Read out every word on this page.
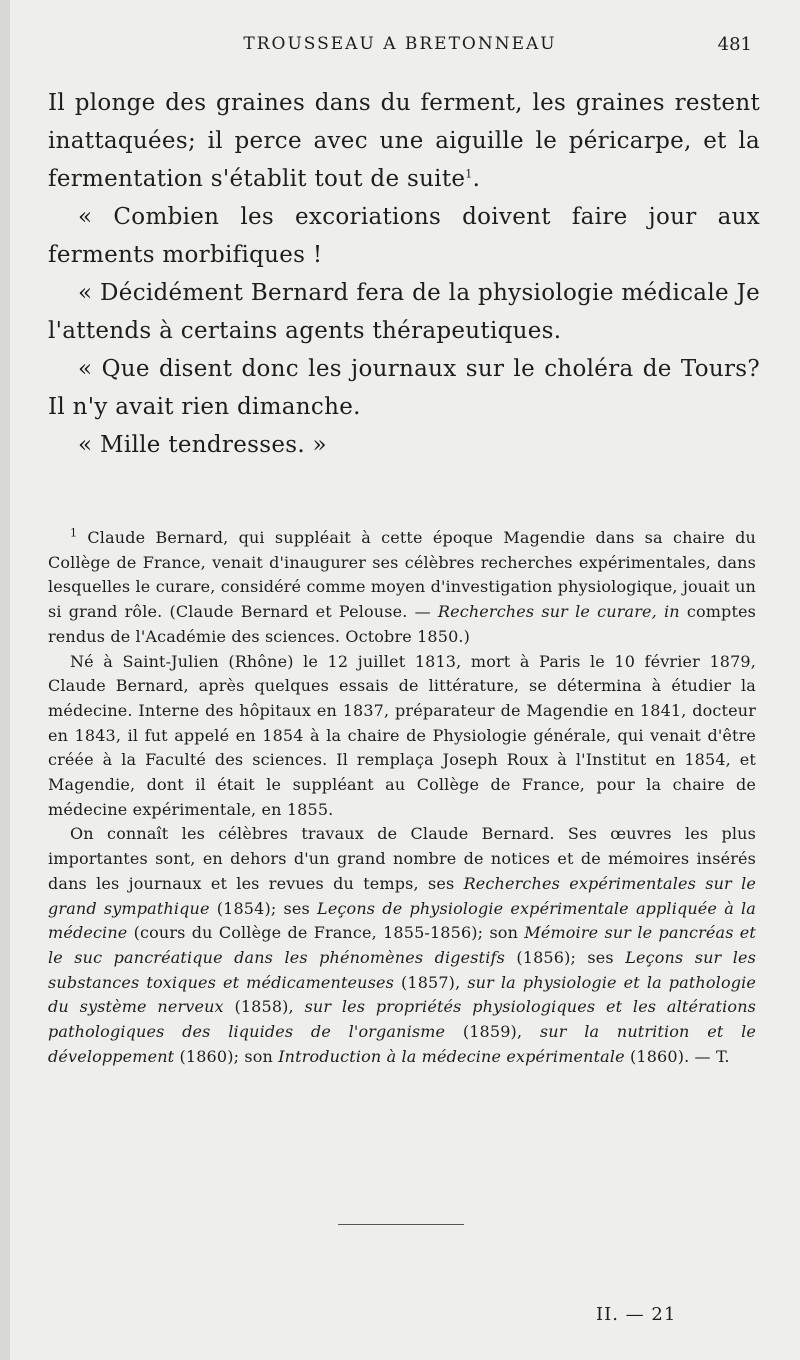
TROUSSEAU A BRETONNEAU	481

Il plonge des graines dans du ferment, les graines restent inattaquées; il perce avec une aiguille le péricarpe, et la fermentation s'établit tout de suite$^1$.

« Combien les excoriations doivent faire jour aux ferments morbifiques !

« Décidément Bernard fera de la physiologie médicale Je l'attends à certains agents thérapeutiques.

« Que disent donc les journaux sur le choléra de Tours? Il n'y avait rien dimanche.

« Mille tendresses. »

$^1$ Claude Bernard, qui suppléait à cette époque Magendie dans sa chaire du Collège de France, venait d'inaugurer ses célèbres recherches expérimentales, dans lesquelles le curare, considéré comme moyen d'investigation physiologique, jouait un si grand rôle. (Claude Bernard et Pelouse. — Recherches sur le curare, in comptes rendus de l'Académie des sciences. Octobre 1850.)

Né à Saint-Julien (Rhône) le 12 juillet 1813, mort à Paris le 10 février 1879, Claude Bernard, après quelques essais de littérature, se détermina à étudier la médecine. Interne des hôpitaux en 1837, préparateur de Magendie en 1841, docteur en 1843, il fut appelé en 1854 à la chaire de Physiologie générale, qui venait d'être créée à la Faculté des sciences. Il remplaça Joseph Roux à l'Institut en 1854, et Magendie, dont il était le suppléant au Collège de France, pour la chaire de médecine expérimentale, en 1855.

On connaît les célèbres travaux de Claude Bernard. Ses œuvres les plus importantes sont, en dehors d'un grand nombre de notices et de mémoires insérés dans les journaux et les revues du temps, ses Recherches expérimentales sur le grand sympathique (1854); ses Leçons de physiologie expérimentale appliquée à la médecine (cours du Collège de France, 1855-1856); son Mémoire sur le pancréas et le suc pancréatique dans les phénomènes digestifs (1856); ses Leçons sur les substances toxiques et médicamenteuses (1857), sur la physiologie et la pathologie du système nerveux (1858), sur les propriétés physiologiques et les altérations pathologiques des liquides de l'organisme (1859), sur la nutrition et le développement (1860); son Introduction à la médecine expérimentale (1860). — T.

II. — 21
